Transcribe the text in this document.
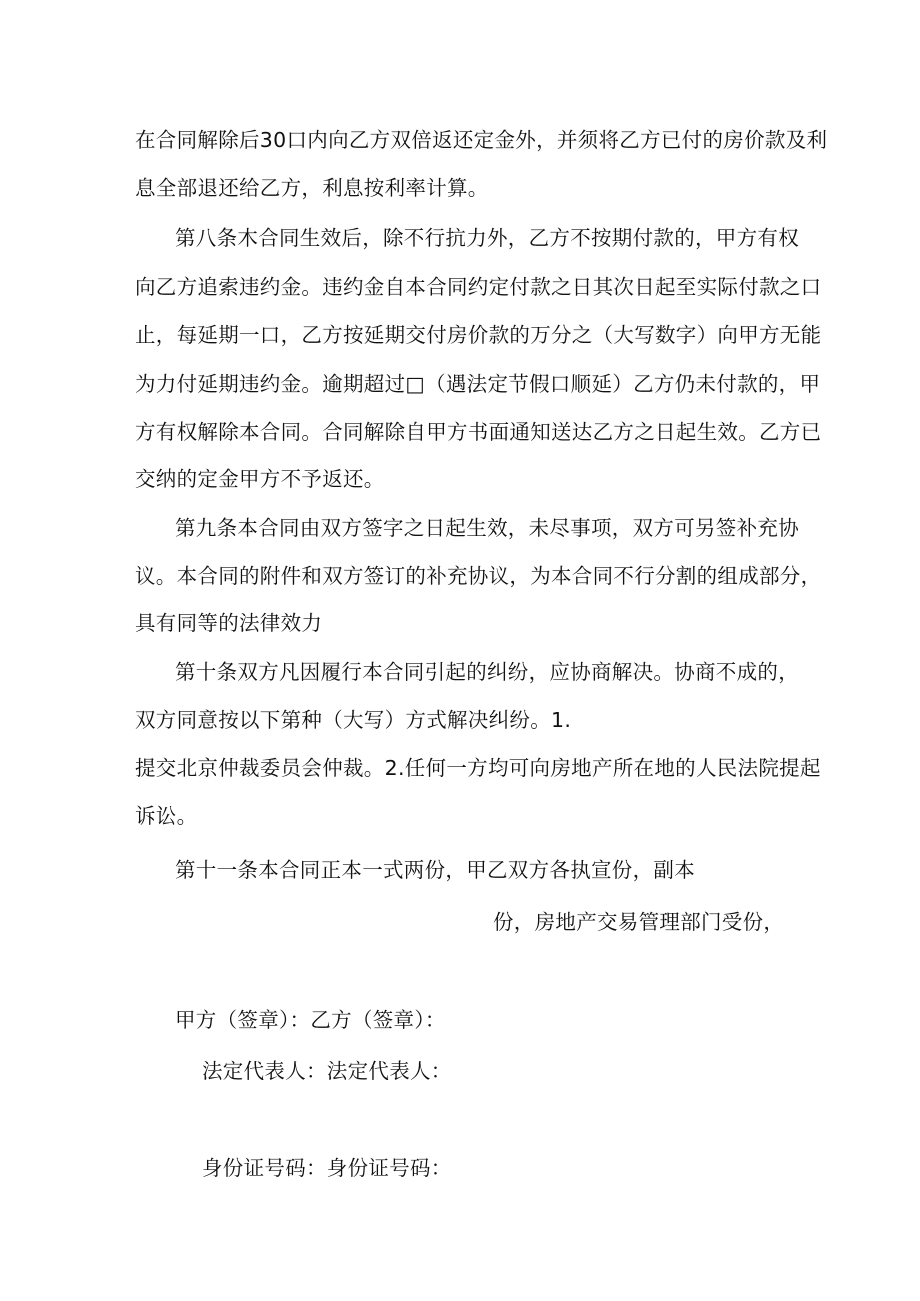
在合同解除后30口内向乙方双倍返还定金外，并须将乙方已付的房价款及利
息全部退还给乙方，利息按利率计算。
第八条木合同生效后，除不行抗力外，乙方不按期付款的，甲方有权
向乙方追索违约金。违约金自本合同约定付款之日其次日起至实际付款之口
止，每延期一口，乙方按延期交付房价款的万分之（大写数字）向甲方无能
为力付延期违约金。逾期超过□（遇法定节假口顺延）乙方仍未付款的，甲
方有权解除本合同。合同解除自甲方书面通知送达乙方之日起生效。乙方已
交纳的定金甲方不予返还。
第九条本合同由双方签字之日起生效，未尽事项，双方可另签补充协
议。本合同的附件和双方签订的补充协议，为本合同不行分割的组成部分，
具有同等的法律效力
第十条双方凡因履行本合同引起的纠纷，应协商解决。协商不成的，
双方同意按以下第种（大写）方式解决纠纷。1.
提交北京仲裁委员会仲裁。2.任何一方均可向房地产所在地的人民法院提起
诉讼。
第十一条本合同正本一式两份，甲乙双方各执宣份，副本
份，房地产交易管理部门受份，
甲方（签章）：乙方（签章）：
法定代表人：法定代表人：
身份证号码：身份证号码：
